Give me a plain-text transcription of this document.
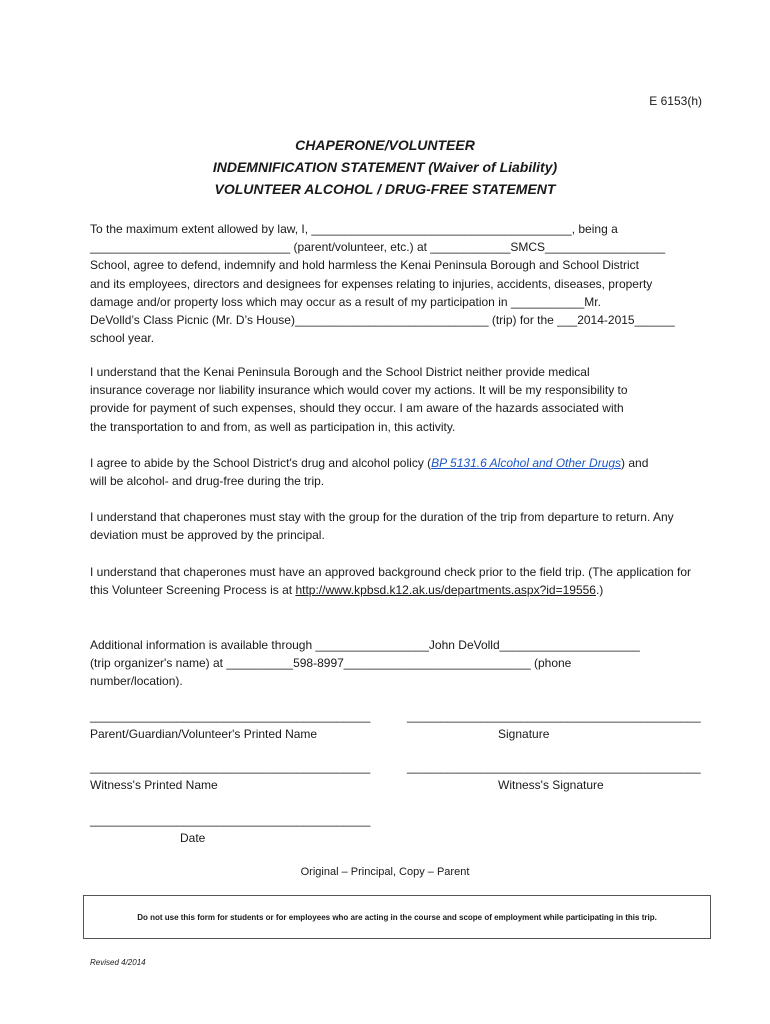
E 6153(h)
CHAPERONE/VOLUNTEER
INDEMNIFICATION STATEMENT (Waiver of Liability)
VOLUNTEER ALCOHOL / DRUG-FREE STATEMENT
To the maximum extent allowed by law, I, _______________________________________, being a
______________________________ (parent/volunteer, etc.) at ____________SMCS__________________
School, agree to defend, indemnify and hold harmless the Kenai Peninsula Borough and School District
and its employees, directors and designees for expenses relating to injuries, accidents, diseases, property
damage and/or property loss which may occur as a result of my participation in ___________Mr.
DeVolld’s Class Picnic (Mr. D’s House)_____________________________ (trip) for the ___2014-2015______
school year.
I understand that the Kenai Peninsula Borough and the School District neither provide medical
insurance coverage nor liability insurance which would cover my actions. It will be my responsibility to
provide for payment of such expenses, should they occur. I am aware of the hazards associated with
the transportation to and from, as well as participation in, this activity.
I agree to abide by the School District's drug and alcohol policy (BP 5131.6 Alcohol and Other Drugs) and
will be alcohol- and drug-free during the trip.
I understand that chaperones must stay with the group for the duration of the trip from departure to return. Any deviation must be approved by the principal.
I understand that chaperones must have an approved background check prior to the field trip. (The application for this Volunteer Screening Process is at http://www.kpbsd.k12.ak.us/departments.aspx?id=19556.)
Additional information is available through _________________John DeVolld_____________________
(trip organizer's name) at __________598-8997____________________________ (phone
number/location).
__________________________________________
Parent/Guardian/Volunteer's Printed Name
____________________________________________
Signature
__________________________________________
Witness's Printed Name
____________________________________________
Witness's Signature
__________________________________________
Date
Original – Principal, Copy – Parent
Do not use this form for students or for employees who are acting in the course and scope of employment while participating in this trip.
Revised 4/2014
